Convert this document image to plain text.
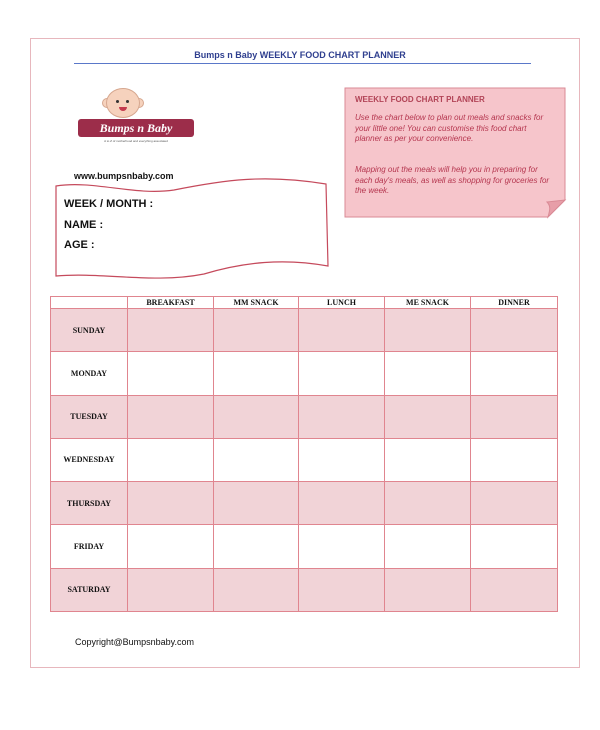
Bumps n Baby WEEKLY FOOD CHART PLANNER
Bumps n Baby
A to Z of motherhood and everything associated
www.bumpsnbaby.com
WEEKLY FOOD CHART PLANNER
Use the chart below to plan out meals and snacks for your little one! You can customise this food chart planner as per your convenience.
Mapping out the meals will help you in preparing for each day's meals, as well as shopping for groceries for the week.
WEEK / MONTH :
NAME :
AGE :
	BREAKFAST	MM SNACK	LUNCH	ME SNACK	DINNER
SUNDAY					
MONDAY					
TUESDAY					
WEDNESDAY					
THURSDAY					
FRIDAY					
SATURDAY					
Copyright@Bumpsnbaby.com
